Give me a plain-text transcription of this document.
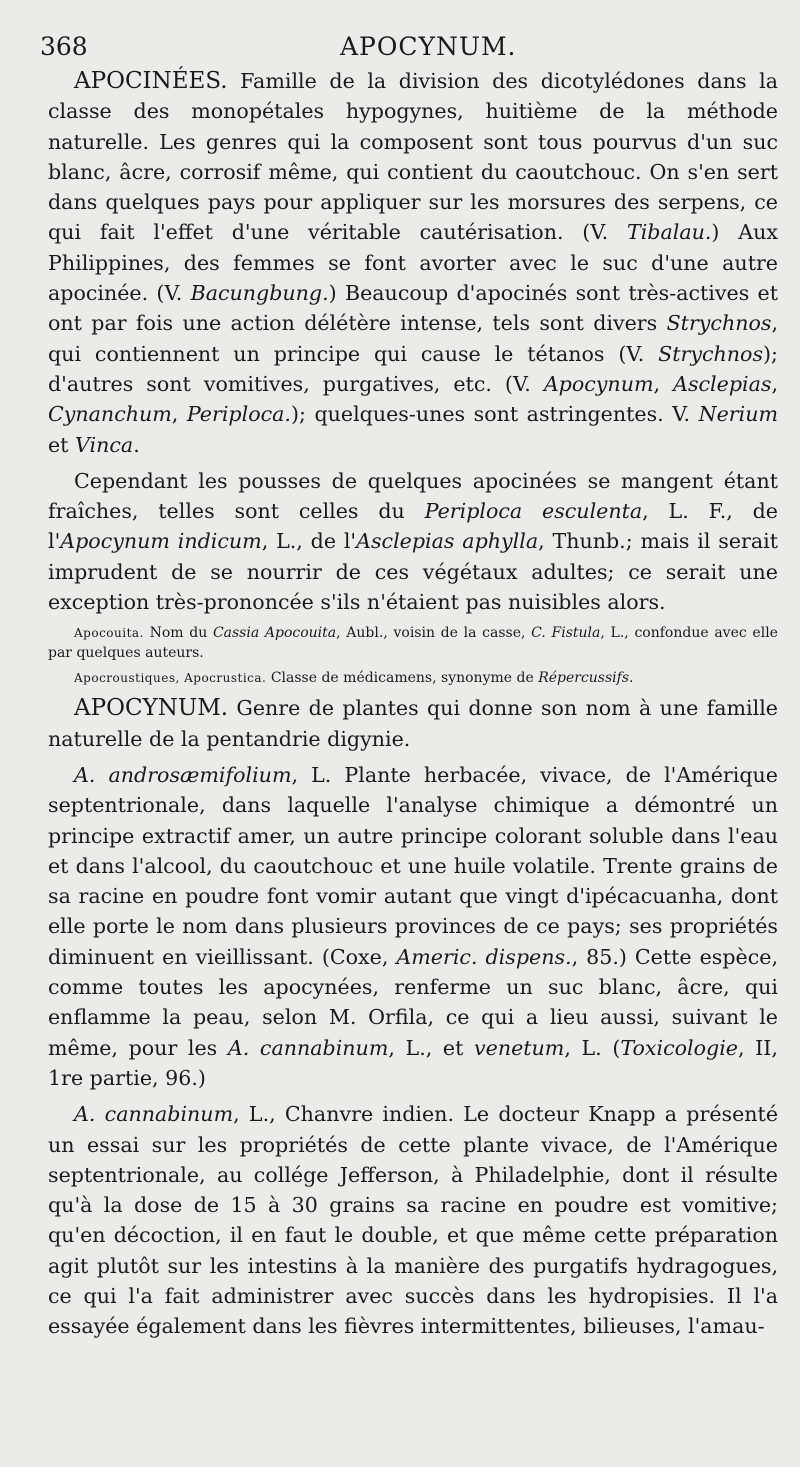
368	APOCYNUM.

APOCINÉES. Famille de la division des dicotylédones dans la classe des monopétales hypogynes, huitième de la méthode naturelle. Les genres qui la composent sont tous pourvus d'un suc blanc, âcre, corrosif même, qui contient du caoutchouc. On s'en sert dans quelques pays pour appliquer sur les morsures des serpens, ce qui fait l'effet d'une véritable cautérisation. (V. Tibalau.) Aux Philippines, des femmes se font avorter avec le suc d'une autre apocinée. (V. Bacungbung.) Beaucoup d'apocinés sont très-actives et ont par fois une action délétère intense, tels sont divers Strychnos, qui contiennent un principe qui cause le tétanos (V. Strychnos); d'autres sont vomitives, purgatives, etc. (V. Apocynum, Asclepias, Cynanchum, Periploca.); quelques-unes sont astringentes. V. Nerium et Vinca.

Cependant les pousses de quelques apocinées se mangent étant fraîches, telles sont celles du Periploca esculenta, L. F., de l'Apocynum indicum, L., de l'Asclepias aphylla, Thunb.; mais il serait imprudent de se nourrir de ces végétaux adultes; ce serait une exception très-prononcée s'ils n'étaient pas nuisibles alors.

Apocouita. Nom du Cassia Apocouita, Aubl., voisin de la casse, C. Fistula, L., confondue avec elle par quelques auteurs.

Apocroustiques, Apocrustica. Classe de médicamens, synonyme de Répercussifs.

APOCYNUM. Genre de plantes qui donne son nom à une famille naturelle de la pentandrie digynie.

A. androsæmifolium, L. Plante herbacée, vivace, de l'Amérique septentrionale, dans laquelle l'analyse chimique a démontré un principe extractif amer, un autre principe colorant soluble dans l'eau et dans l'alcool, du caoutchouc et une huile volatile. Trente grains de sa racine en poudre font vomir autant que vingt d'ipécacuanha, dont elle porte le nom dans plusieurs provinces de ce pays; ses propriétés diminuent en vieillissant. (Coxe, Americ. dispens., 85.) Cette espèce, comme toutes les apocynées, renferme un suc blanc, âcre, qui enflamme la peau, selon M. Orfila, ce qui a lieu aussi, suivant le même, pour les A. cannabinum, L., et venetum, L. (Toxicologie, II, 1re partie, 96.)

A. cannabinum, L., Chanvre indien. Le docteur Knapp a présenté un essai sur les propriétés de cette plante vivace, de l'Amérique septentrionale, au collége Jefferson, à Philadelphie, dont il résulte qu'à la dose de 15 à 30 grains sa racine en poudre est vomitive; qu'en décoction, il en faut le double, et que même cette préparation agit plutôt sur les intestins à la manière des purgatifs hydragogues, ce qui l'a fait administrer avec succès dans les hydropisies. Il l'a essayée également dans les fièvres intermittentes, bilieuses, l'amau-
